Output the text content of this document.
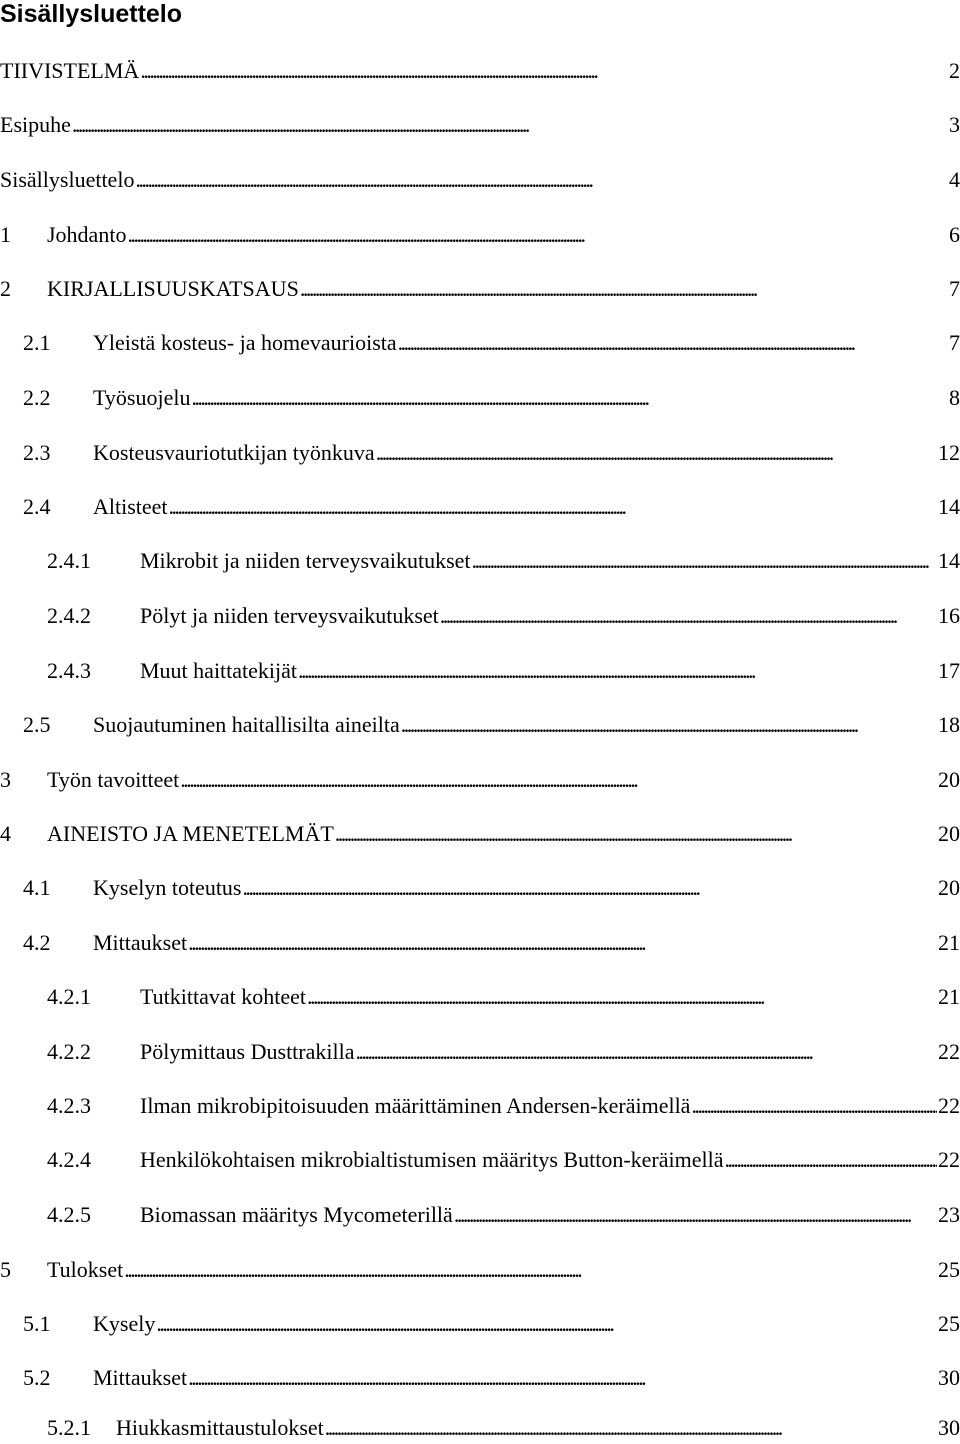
Sisällysluettelo
TIIVISTELMÄ . . .	2
Esipuhe . . .	3
Sisällysluettelo . . .	4
1	Johdanto . . .	6
2	KIRJALLISUUSKATSAUS . . .	7
2.1	Yleistä kosteus- ja homevaurioista . . .	7
2.2	Työsuojelu . . .	8
2.3	Kosteusvauriotutkijan työnkuva . . .	12
2.4	Altisteet . . .	14
2.4.1	Mikrobit ja niiden terveysvaikutukset . . .	14
2.4.2	Pölyt ja niiden terveysvaikutukset . . .	16
2.4.3	Muut haittatekijät . . .	17
2.5	Suojautuminen haitallisilta aineilta . . .	18
3	Työn tavoitteet . . .	20
4	AINEISTO JA MENETELMÄT . . .	20
4.1	Kyselyn toteutus . . .	20
4.2	Mittaukset . . .	21
4.2.1	Tutkittavat kohteet . . .	21
4.2.2	Pölymittaus Dusttrakilla . . .	22
4.2.3	Ilman mikrobipitoisuuden määrittäminen Andersen-keräimellä . . .	22
4.2.4	Henkilökohtaisen mikrobialtistumisen määritys Button-keräimellä . . .	22
4.2.5	Biomassan määritys Mycometerillä . . .	23
5	Tulokset . . .	25
5.1	Kysely . . .	25
5.2	Mittaukset . . .	30
5.2.1	Hiukkasmittaustulokset . . .	30
